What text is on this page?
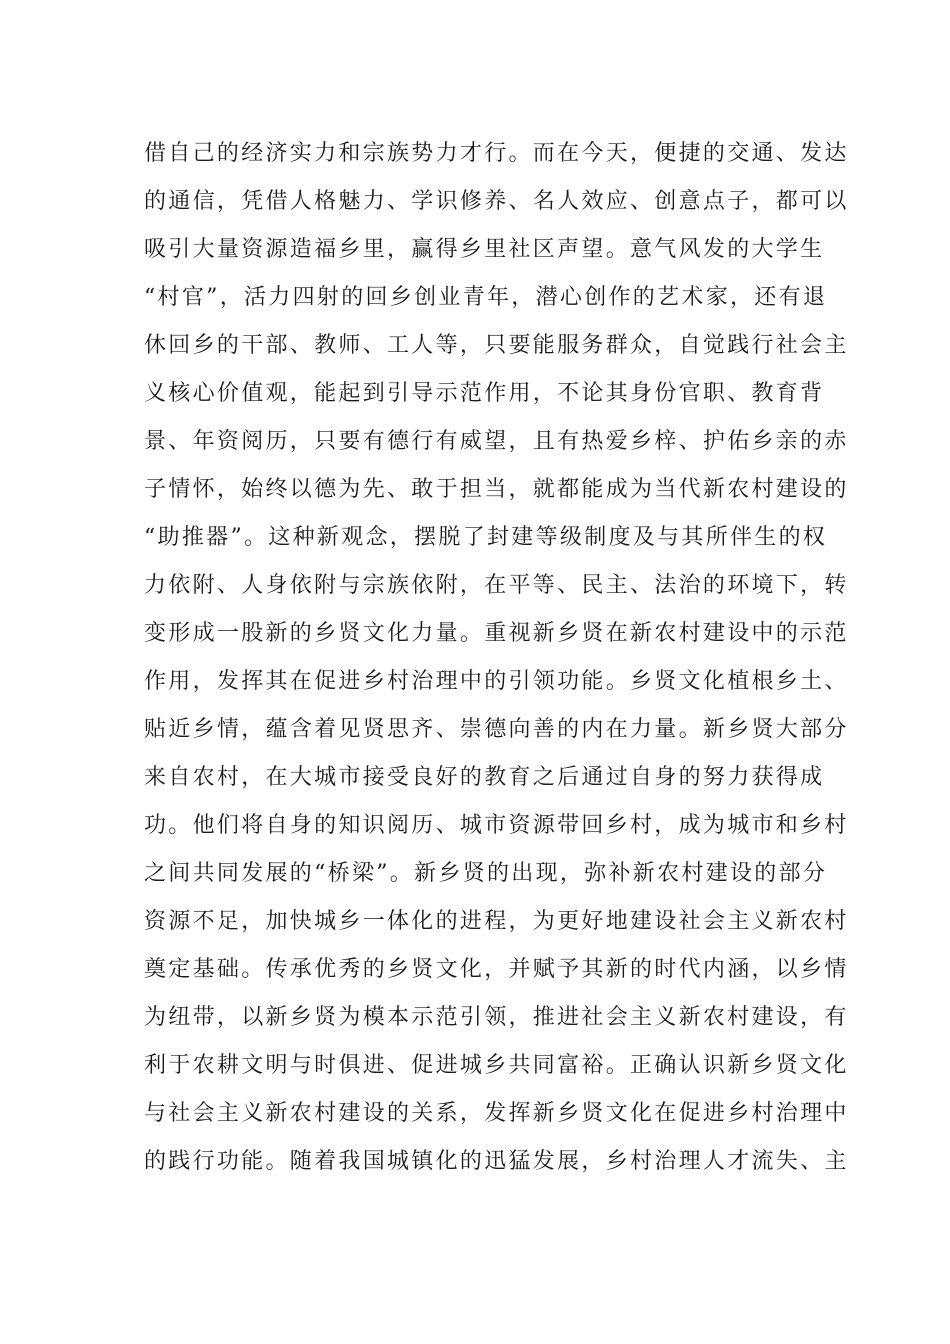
借自己的经济实力和宗族势力才行。而在今天，便捷的交通、发达
的通信，凭借人格魅力、学识修养、名人效应、创意点子，都可以
吸引大量资源造福乡里，赢得乡里社区声望。意气风发的大学生
“村官”，活力四射的回乡创业青年，潜心创作的艺术家，还有退
休回乡的干部、教师、工人等，只要能服务群众，自觉践行社会主
义核心价值观，能起到引导示范作用，不论其身份官职、教育背
景、年资阅历，只要有德行有威望，且有热爱乡梓、护佑乡亲的赤
子情怀，始终以德为先、敢于担当，就都能成为当代新农村建设的
“助推器”。这种新观念，摆脱了封建等级制度及与其所伴生的权
力依附、人身依附与宗族依附，在平等、民主、法治的环境下，转
变形成一股新的乡贤文化力量。重视新乡贤在新农村建设中的示范
作用，发挥其在促进乡村治理中的引领功能。乡贤文化植根乡土、
贴近乡情，蕴含着见贤思齐、崇德向善的内在力量。新乡贤大部分
来自农村，在大城市接受良好的教育之后通过自身的努力获得成
功。他们将自身的知识阅历、城市资源带回乡村，成为城市和乡村
之间共同发展的“桥梁”。新乡贤的出现，弥补新农村建设的部分
资源不足，加快城乡一体化的进程，为更好地建设社会主义新农村
奠定基础。传承优秀的乡贤文化，并赋予其新的时代内涵，以乡情
为纽带，以新乡贤为模本示范引领，推进社会主义新农村建设，有
利于农耕文明与时俱进、促进城乡共同富裕。正确认识新乡贤文化
与社会主义新农村建设的关系，发挥新乡贤文化在促进乡村治理中
的践行功能。随着我国城镇化的迅猛发展，乡村治理人才流失、主
